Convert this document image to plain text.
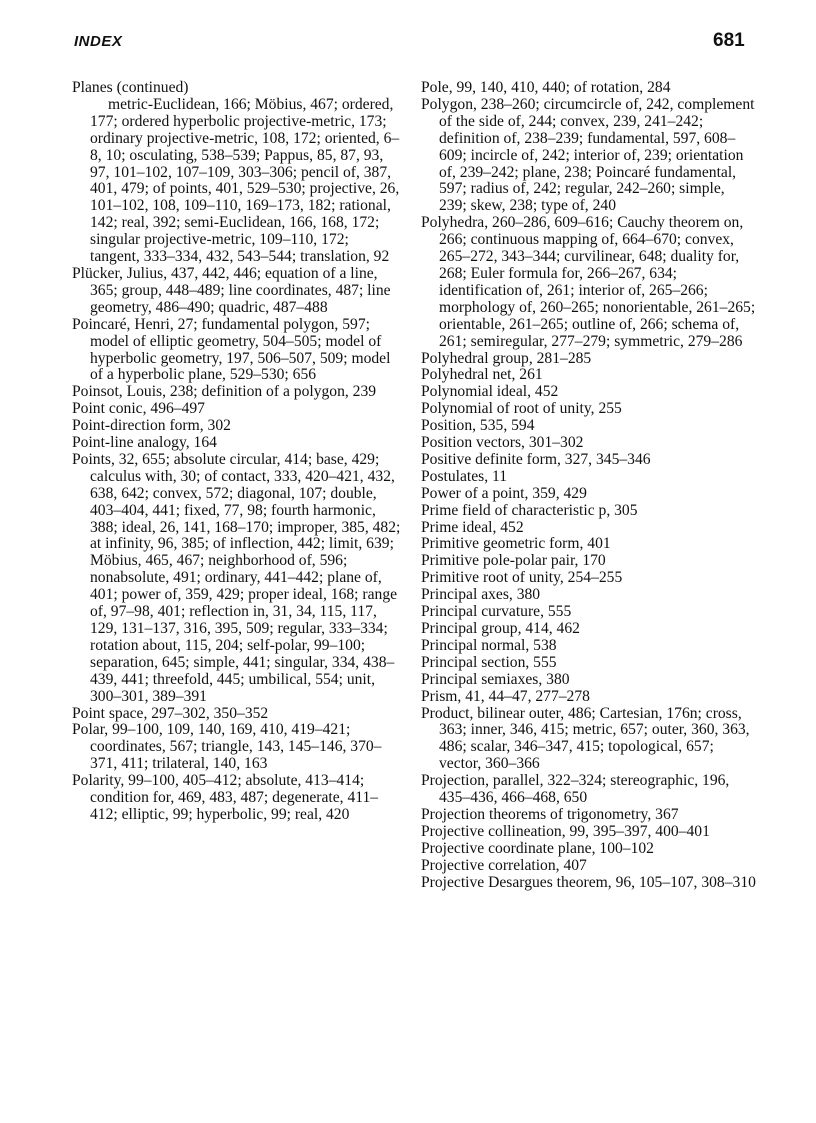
INDEX	681

Planes (continued)
metric-Euclidean, 166; Möbius, 467; ordered, 177; ordered hyperbolic projective-metric, 173; ordinary projective-metric, 108, 172; oriented, 6–8, 10; osculating, 538–539; Pappus, 85, 87, 93, 97, 101–102, 107–109, 303–306; pencil of, 387, 401, 479; of points, 401, 529–530; projective, 26, 101–102, 108, 109–110, 169–173, 182; rational, 142; real, 392; semi-Euclidean, 166, 168, 172; singular projective-metric, 109–110, 172; tangent, 333–334, 432, 543–544; translation, 92

Plücker, Julius, 437, 442, 446; equation of a line, 365; group, 448–489; line coordinates, 487; line geometry, 486–490; quadric, 487–488

Poincaré, Henri, 27; fundamental polygon, 597; model of elliptic geometry, 504–505; model of hyperbolic geometry, 197, 506–507, 509; model of a hyperbolic plane, 529–530; 656

Poinsot, Louis, 238; definition of a polygon, 239

Point conic, 496–497

Point-direction form, 302

Point-line analogy, 164

Points, 32, 655; absolute circular, 414; base, 429; calculus with, 30; of contact, 333, 420–421, 432, 638, 642; convex, 572; diagonal, 107; double, 403–404, 441; fixed, 77, 98; fourth harmonic, 388; ideal, 26, 141, 168–170; improper, 385, 482; at infinity, 96, 385; of inflection, 442; limit, 639; Möbius, 465, 467; neighborhood of, 596; nonabsolute, 491; ordinary, 441–442; plane of, 401; power of, 359, 429; proper ideal, 168; range of, 97–98, 401; reflection in, 31, 34, 115, 117, 129, 131–137, 316, 395, 509; regular, 333–334; rotation about, 115, 204; self-polar, 99–100; separation, 645; simple, 441; singular, 334, 438–439, 441; threefold, 445; umbilical, 554; unit, 300–301, 389–391

Point space, 297–302, 350–352

Polar, 99–100, 109, 140, 169, 410, 419–421; coordinates, 567; triangle, 143, 145–146, 370–371, 411; trilateral, 140, 163

Polarity, 99–100, 405–412; absolute, 413–414; condition for, 469, 483, 487; degenerate, 411–412; elliptic, 99; hyperbolic, 99; real, 420

Pole, 99, 140, 410, 440; of rotation, 284

Polygon, 238–260; circumcircle of, 242, complement of the side of, 244; convex, 239, 241–242; definition of, 238–239; fundamental, 597, 608–609; incircle of, 242; interior of, 239; orientation of, 239–242; plane, 238; Poincaré fundamental, 597; radius of, 242; regular, 242–260; simple, 239; skew, 238; type of, 240

Polyhedra, 260–286, 609–616; Cauchy theorem on, 266; continuous mapping of, 664–670; convex, 265–272, 343–344; curvilinear, 648; duality for, 268; Euler formula for, 266–267, 634; identification of, 261; interior of, 265–266; morphology of, 260–265; nonorientable, 261–265; orientable, 261–265; outline of, 266; schema of, 261; semiregular, 277–279; symmetric, 279–286

Polyhedral group, 281–285

Polyhedral net, 261

Polynomial ideal, 452

Polynomial of root of unity, 255

Position, 535, 594

Position vectors, 301–302

Positive definite form, 327, 345–346

Postulates, 11

Power of a point, 359, 429

Prime field of characteristic p, 305

Prime ideal, 452

Primitive geometric form, 401

Primitive pole-polar pair, 170

Primitive root of unity, 254–255

Principal axes, 380

Principal curvature, 555

Principal group, 414, 462

Principal normal, 538

Principal section, 555

Principal semiaxes, 380

Prism, 41, 44–47, 277–278

Product, bilinear outer, 486; Cartesian, 176n; cross, 363; inner, 346, 415; metric, 657; outer, 360, 363, 486; scalar, 346–347, 415; topological, 657; vector, 360–366

Projection, parallel, 322–324; stereographic, 196, 435–436, 466–468, 650

Projection theorems of trigonometry, 367

Projective collineation, 99, 395–397, 400–401

Projective coordinate plane, 100–102

Projective correlation, 407

Projective Desargues theorem, 96, 105–107, 308–310
